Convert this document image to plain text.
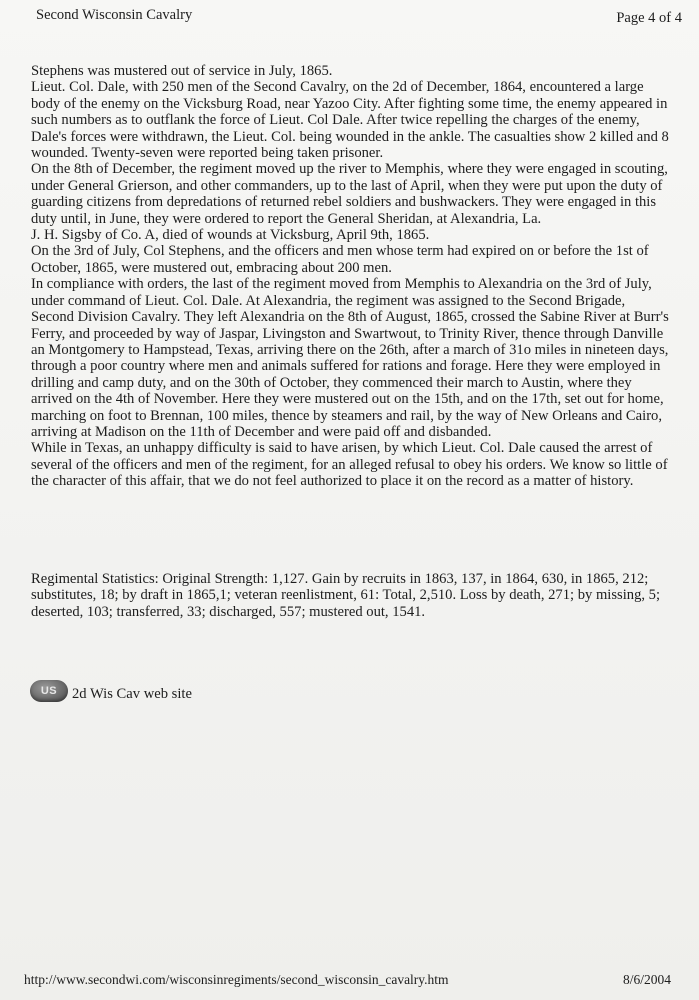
Second Wisconsin Cavalry	Page 4 of 4

Stephens was mustered out of service in July, 1865.

Lieut. Col. Dale, with 250 men of the Second Cavalry, on the 2d of December, 1864, encountered a large body of the enemy on the Vicksburg Road, near Yazoo City. After fighting some time, the enemy appeared in such numbers as to outflank the force of Lieut. Col Dale. After twice repelling the charges of the enemy, Dale's forces were withdrawn, the Lieut. Col. being wounded in the ankle. The casualties show 2 killed and 8 wounded. Twenty-seven were reported being taken prisoner.

On the 8th of December, the regiment moved up the river to Memphis, where they were engaged in scouting, under General Grierson, and other commanders, up to the last of April, when they were put upon the duty of guarding citizens from depredations of returned rebel soldiers and bushwackers. They were engaged in this duty until, in June, they were ordered to report the General Sheridan, at Alexandria, La.

J. H. Sigsby of Co. A, died of wounds at Vicksburg, April 9th, 1865.

On the 3rd of July, Col Stephens, and the officers and men whose term had expired on or before the 1st of October, 1865, were mustered out, embracing about 200 men.

In compliance with orders, the last of the regiment moved from Memphis to Alexandria on the 3rd of July, under command of Lieut. Col. Dale. At Alexandria, the regiment was assigned to the Second Brigade, Second Division Cavalry. They left Alexandria on the 8th of August, 1865, crossed the Sabine River at Burr's Ferry, and proceeded by way of Jaspar, Livingston and Swartwout, to Trinity River, thence through Danville an Montgomery to Hampstead, Texas, arriving there on the 26th, after a march of 31o miles in nineteen days, through a poor country where men and animals suffered for rations and forage. Here they were employed in drilling and camp duty, and on the 30th of October, they commenced their march to Austin, where they arrived on the 4th of November. Here they were mustered out on the 15th, and on the 17th, set out for home, marching on foot to Brennan, 100 miles, thence by steamers and rail, by the way of New Orleans and Cairo, arriving at Madison on the 11th of December and were paid off and disbanded.

While in Texas, an unhappy difficulty is said to have arisen, by which Lieut. Col. Dale caused the arrest of several of the officers and men of the regiment, for an alleged refusal to obey his orders. We know so little of the character of this affair, that we do not feel authorized to place it on the record as a matter of history.

Regimental Statistics: Original Strength: 1,127. Gain by recruits in 1863, 137, in 1864, 630, in 1865, 212; substitutes, 18; by draft in 1865,1; veteran reenlistment, 61: Total, 2,510. Loss by death, 271; by missing, 5; deserted, 103; transferred, 33; discharged, 557; mustered out, 1541.

US	2d Wis Cav web site
http://www.secondwi.com/wisconsinregiments/second_wisconsin_cavalry.htm	8/6/2004
